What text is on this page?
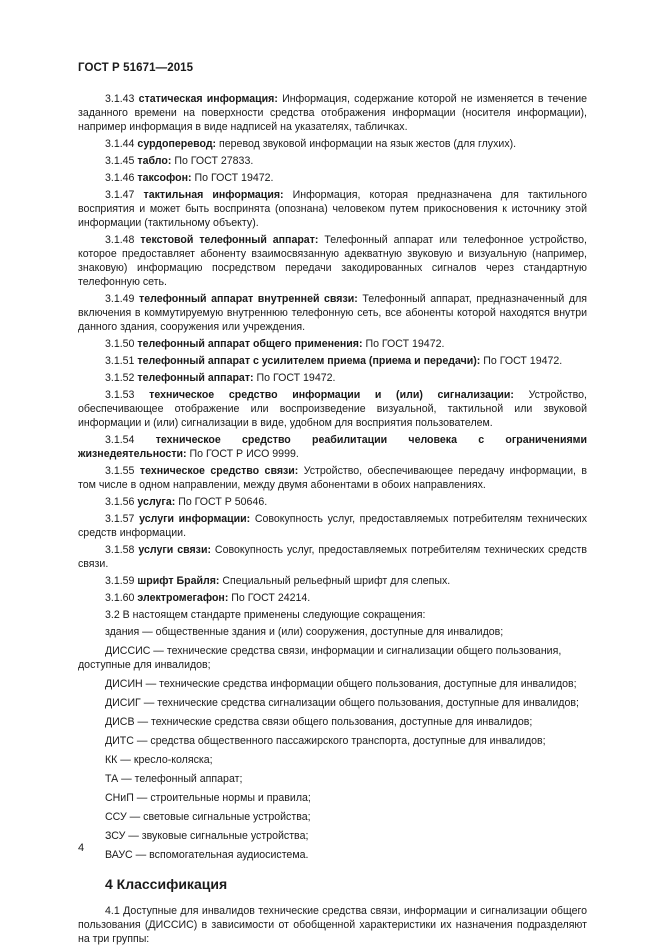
ГОСТ Р 51671—2015

3.1.43 статическая информация: Информация, содержание которой не изменяется в течение заданного времени на поверхности средства отображения информации (носителя информации), например информация в виде надписей на указателях, табличках.

3.1.44 сурдоперевод: перевод звуковой информации на язык жестов (для глухих).

3.1.45 табло: По ГОСТ 27833.

3.1.46 таксофон: По ГОСТ 19472.

3.1.47 тактильная информация: Информация, которая предназначена для тактильного восприятия и может быть воспринята (опознана) человеком путем прикосновения к источнику этой информации (тактильному объекту).

3.1.48 текстовой телефонный аппарат: Телефонный аппарат или телефонное устройство, которое предоставляет абоненту взаимосвязанную адекватную звуковую и визуальную (например, знаковую) информацию посредством передачи закодированных сигналов через стандартную телефонную сеть.

3.1.49 телефонный аппарат внутренней связи: Телефонный аппарат, предназначенный для включения в коммутируемую внутреннюю телефонную сеть, все абоненты которой находятся внутри данного здания, сооружения или учреждения.

3.1.50 телефонный аппарат общего применения: По ГОСТ 19472.

3.1.51 телефонный аппарат с усилителем приема (приема и передачи): По ГОСТ 19472.

3.1.52 телефонный аппарат: По ГОСТ 19472.

3.1.53 техническое средство информации и (или) сигнализации: Устройство, обеспечивающее отображение или воспроизведение визуальной, тактильной или звуковой информации и (или) сигнализации в виде, удобном для восприятия пользователем.

3.1.54 техническое средство реабилитации человека с ограничениями жизнедеятельности: По ГОСТ Р ИСО 9999.

3.1.55 техническое средство связи: Устройство, обеспечивающее передачу информации, в том числе в одном направлении, между двумя абонентами в обоих направлениях.

3.1.56 услуга: По ГОСТ Р 50646.

3.1.57 услуги информации: Совокупность услуг, предоставляемых потребителям технических средств информации.

3.1.58 услуги связи: Совокупность услуг, предоставляемых потребителям технических средств связи.

3.1.59 шрифт Брайля: Специальный рельефный шрифт для слепых.

3.1.60 электромегафон: По ГОСТ 24214.

3.2 В настоящем стандарте применены следующие сокращения:

здания — общественные здания и (или) сооружения, доступные для инвалидов;

ДИССИС — технические средства связи, информации и сигнализации общего пользования, доступные для инвалидов;

ДИСИН — технические средства информации общего пользования, доступные для инвалидов;

ДИСИГ — технические средства сигнализации общего пользования, доступные для инвалидов;

ДИСВ — технические средства связи общего пользования, доступные для инвалидов;

ДИТС — средства общественного пассажирского транспорта, доступные для инвалидов;

КК — кресло-коляска;

ТА — телефонный аппарат;

СНиП — строительные нормы и правила;

ССУ — световые сигнальные устройства;

ЗСУ — звуковые сигнальные устройства;

ВАУС — вспомогательная аудиосистема.

4 Классификация

4.1 Доступные для инвалидов технические средства связи, информации и сигнализации общего пользования (ДИССИС) в зависимости от обобщенной характеристики их назначения подразделяют на три группы:

4
